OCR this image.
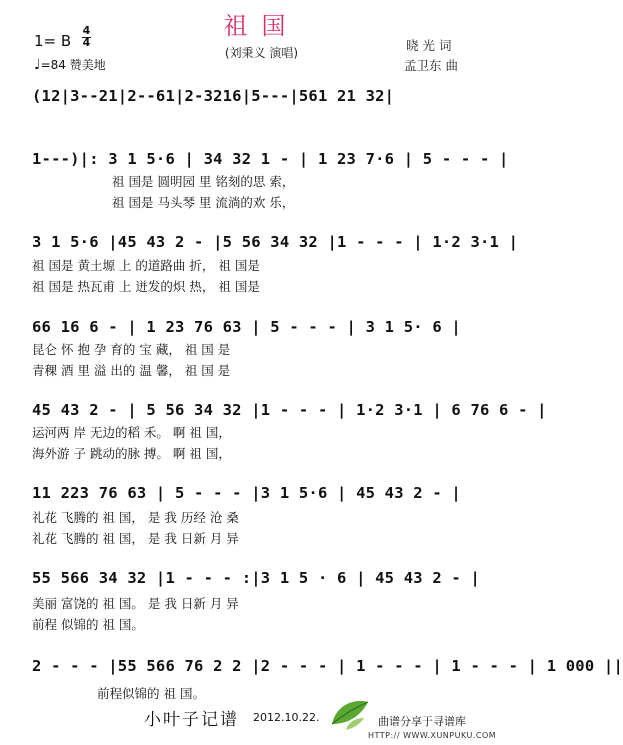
祖国
(刘秉义 演唱)
1= B
4
4
♩=84 赞美地
晓 光 词
孟卫东 曲
(12|3--21|2--61|2-3216|5---|561 21 32|
1---)|: 3 1 5·6 | 34 32 1 - | 1 23 7·6 | 5 - - - |
祖 国是 圆明园 里 铭刻的思 索，
祖 国是 马头琴 里 流淌的欢 乐，
3 1 5·6 |45 43 2 - |5 56 34 32 |1 - - - | 1·2 3·1 |
祖 国是 黄土塬 上 的道路曲 折， 祖 国是
祖 国是 热瓦甫 上 迸发的炽 热， 祖 国是
66 16 6 - | 1 23 76 63 | 5 - - - | 3 1 5· 6 |
昆仑 怀 抱 孕 育的 宝 藏， 祖 国 是
青稞 酒 里 溢 出的 温 馨， 祖 国 是
45 43 2 - | 5 56 34 32 |1 - - - | 1·2 3·1 | 6 76 6 - |
运河两 岸 无边的稻 禾。 啊 祖 国，
海外游 子 跳动的脉 搏。 啊 祖 国，
11 223 76 63 | 5 - - - |3 1 5·6 | 45 43 2 - |
礼花 飞腾的 祖 国， 是 我 历经 沧 桑
礼花 飞腾的 祖 国， 是 我 日新 月 异
55 566 34 32 |1 - - - :|3 1 5 · 6 | 45 43 2 - |
美丽 富饶的 祖 国。 是 我 日新 月 异
前程 似锦的 祖 国。
2 - - - |55 566 76 2 2 |2 - - - | 1 - - - | 1 - - - | 1 000 ||
前程似锦的 祖 国。
小叶子记谱 2012.10.22.	曲谱分享于寻谱库
HTTP:// WWW.XUNPUKU.COM
